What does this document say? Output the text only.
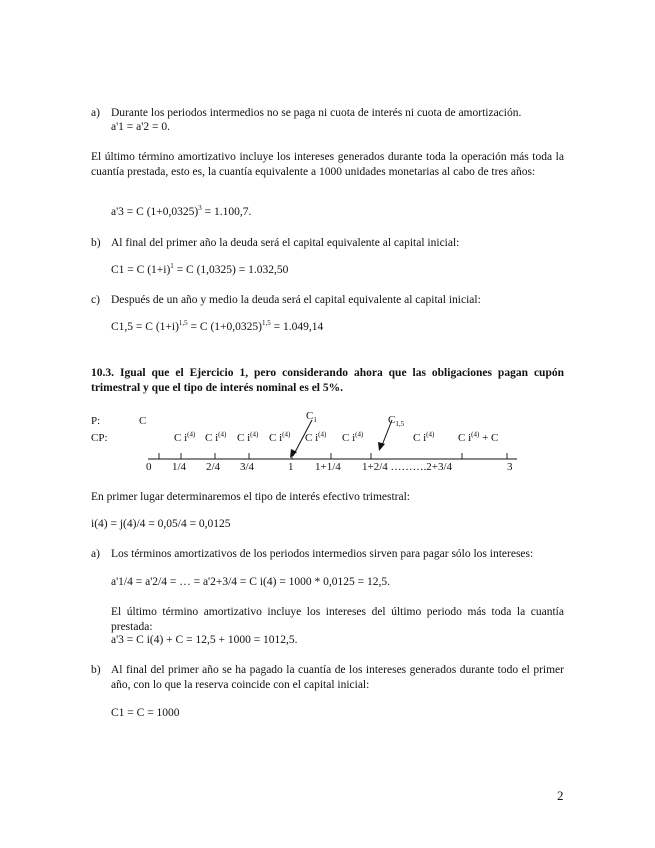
a) Durante los periodos intermedios no se paga ni cuota de interés ni cuota de amortización.
a'1 = a'2 = 0.
El último término amortizativo incluye los intereses generados durante toda la operación más toda la cuantía prestada, esto es, la cuantía equivalente a 1000 unidades monetarias al cabo de tres años:
a'3 = C $(1+0,0325)^3 = 1.100,7$.
b) Al final del primer año la deuda será el capital equivalente al capital inicial:
C1 = C $(1+i)^1 = C$ (1,0325) = 1.032,50
c) Después de un año y medio la deuda será el capital equivalente al capital inicial:
C1,5 = C $(1+i)^{1,5} = C$ $(1+0,0325)^{1,5} = 1.049,14$
10.3. Igual que el Ejercicio 1, pero considerando ahora que las obligaciones pagan cupón trimestral y que el tipo de interés nominal es el 5%.
P:	C
CP:
$C_1$	$C_{1,5}$
C $i^{(4)}$ C $i^{(4)}$ C $i^{(4)}$ C $i^{(4)}$ C $i^{(4)}$ C $i^{(4)}$	C $i^{(4)}$ C $i^{(4)} + C$
0 1/4 2/4 3/4	1 1+1/4 1+2/4 ……….2+3/4	3
En primer lugar determinaremos el tipo de interés efectivo trimestral:
i(4) = j(4)/4 = 0,05/4 = 0,0125
a) Los términos amortizativos de los periodos intermedios sirven para pagar sólo los intereses:
a'1/4 = a'2/4 = … = a'2+3/4 = C i(4) = 1000 * 0,0125 = 12,5.
El último término amortizativo incluye los intereses del último periodo más toda la cuantía prestada:
a'3 = C i(4) + C = 12,5 + 1000 = 1012,5.
b) Al final del primer año se ha pagado la cuantía de los intereses generados durante todo el primer año, con lo que la reserva coincide con el capital inicial:
C1 = C = 1000
2
